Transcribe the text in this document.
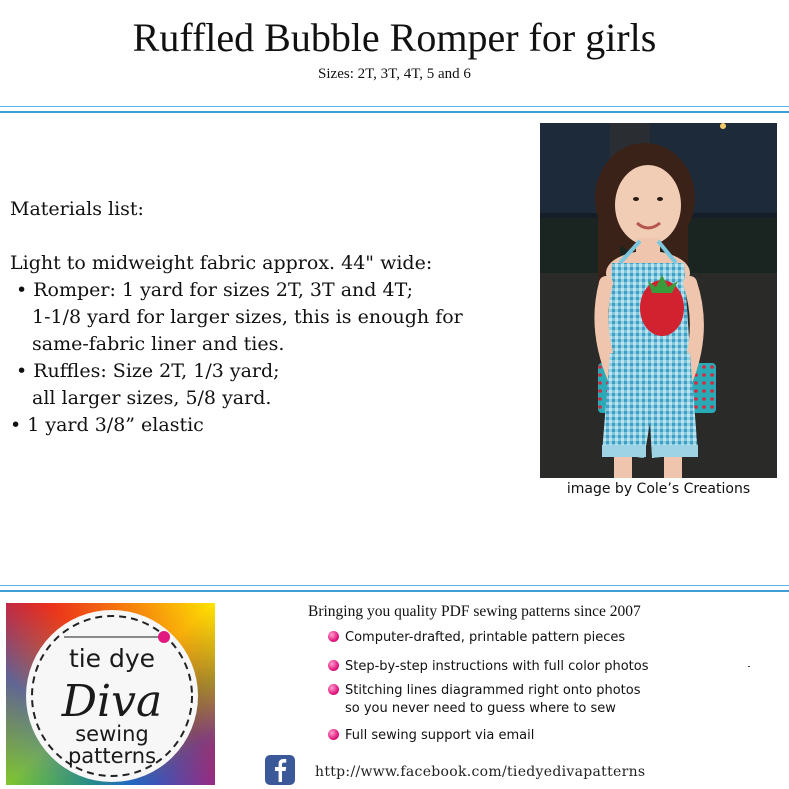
Ruffled Bubble Romper for girls
Sizes: 2T, 3T, 4T, 5 and 6
Materials list:
Light to midweight fabric approx. 44" wide:
• Romper: 1 yard for sizes 2T, 3T and 4T;
1-1/8 yard for larger sizes, this is enough for
same-fabric liner and ties.
• Ruffles: Size 2T, 1/3 yard;
all larger sizes, 5/8 yard.
• 1 yard 3/8” elastic
image by Cole’s Creations
tie dye
Diva
sewing
patterns
Bringing you quality PDF sewing patterns since 2007
Computer-drafted, printable pattern pieces
Step-by-step instructions with full color photos
Stitching lines diagrammed right onto photos
so you never need to guess where to sew
Full sewing support via email
http://www.facebook.com/tiedyedivapatterns
